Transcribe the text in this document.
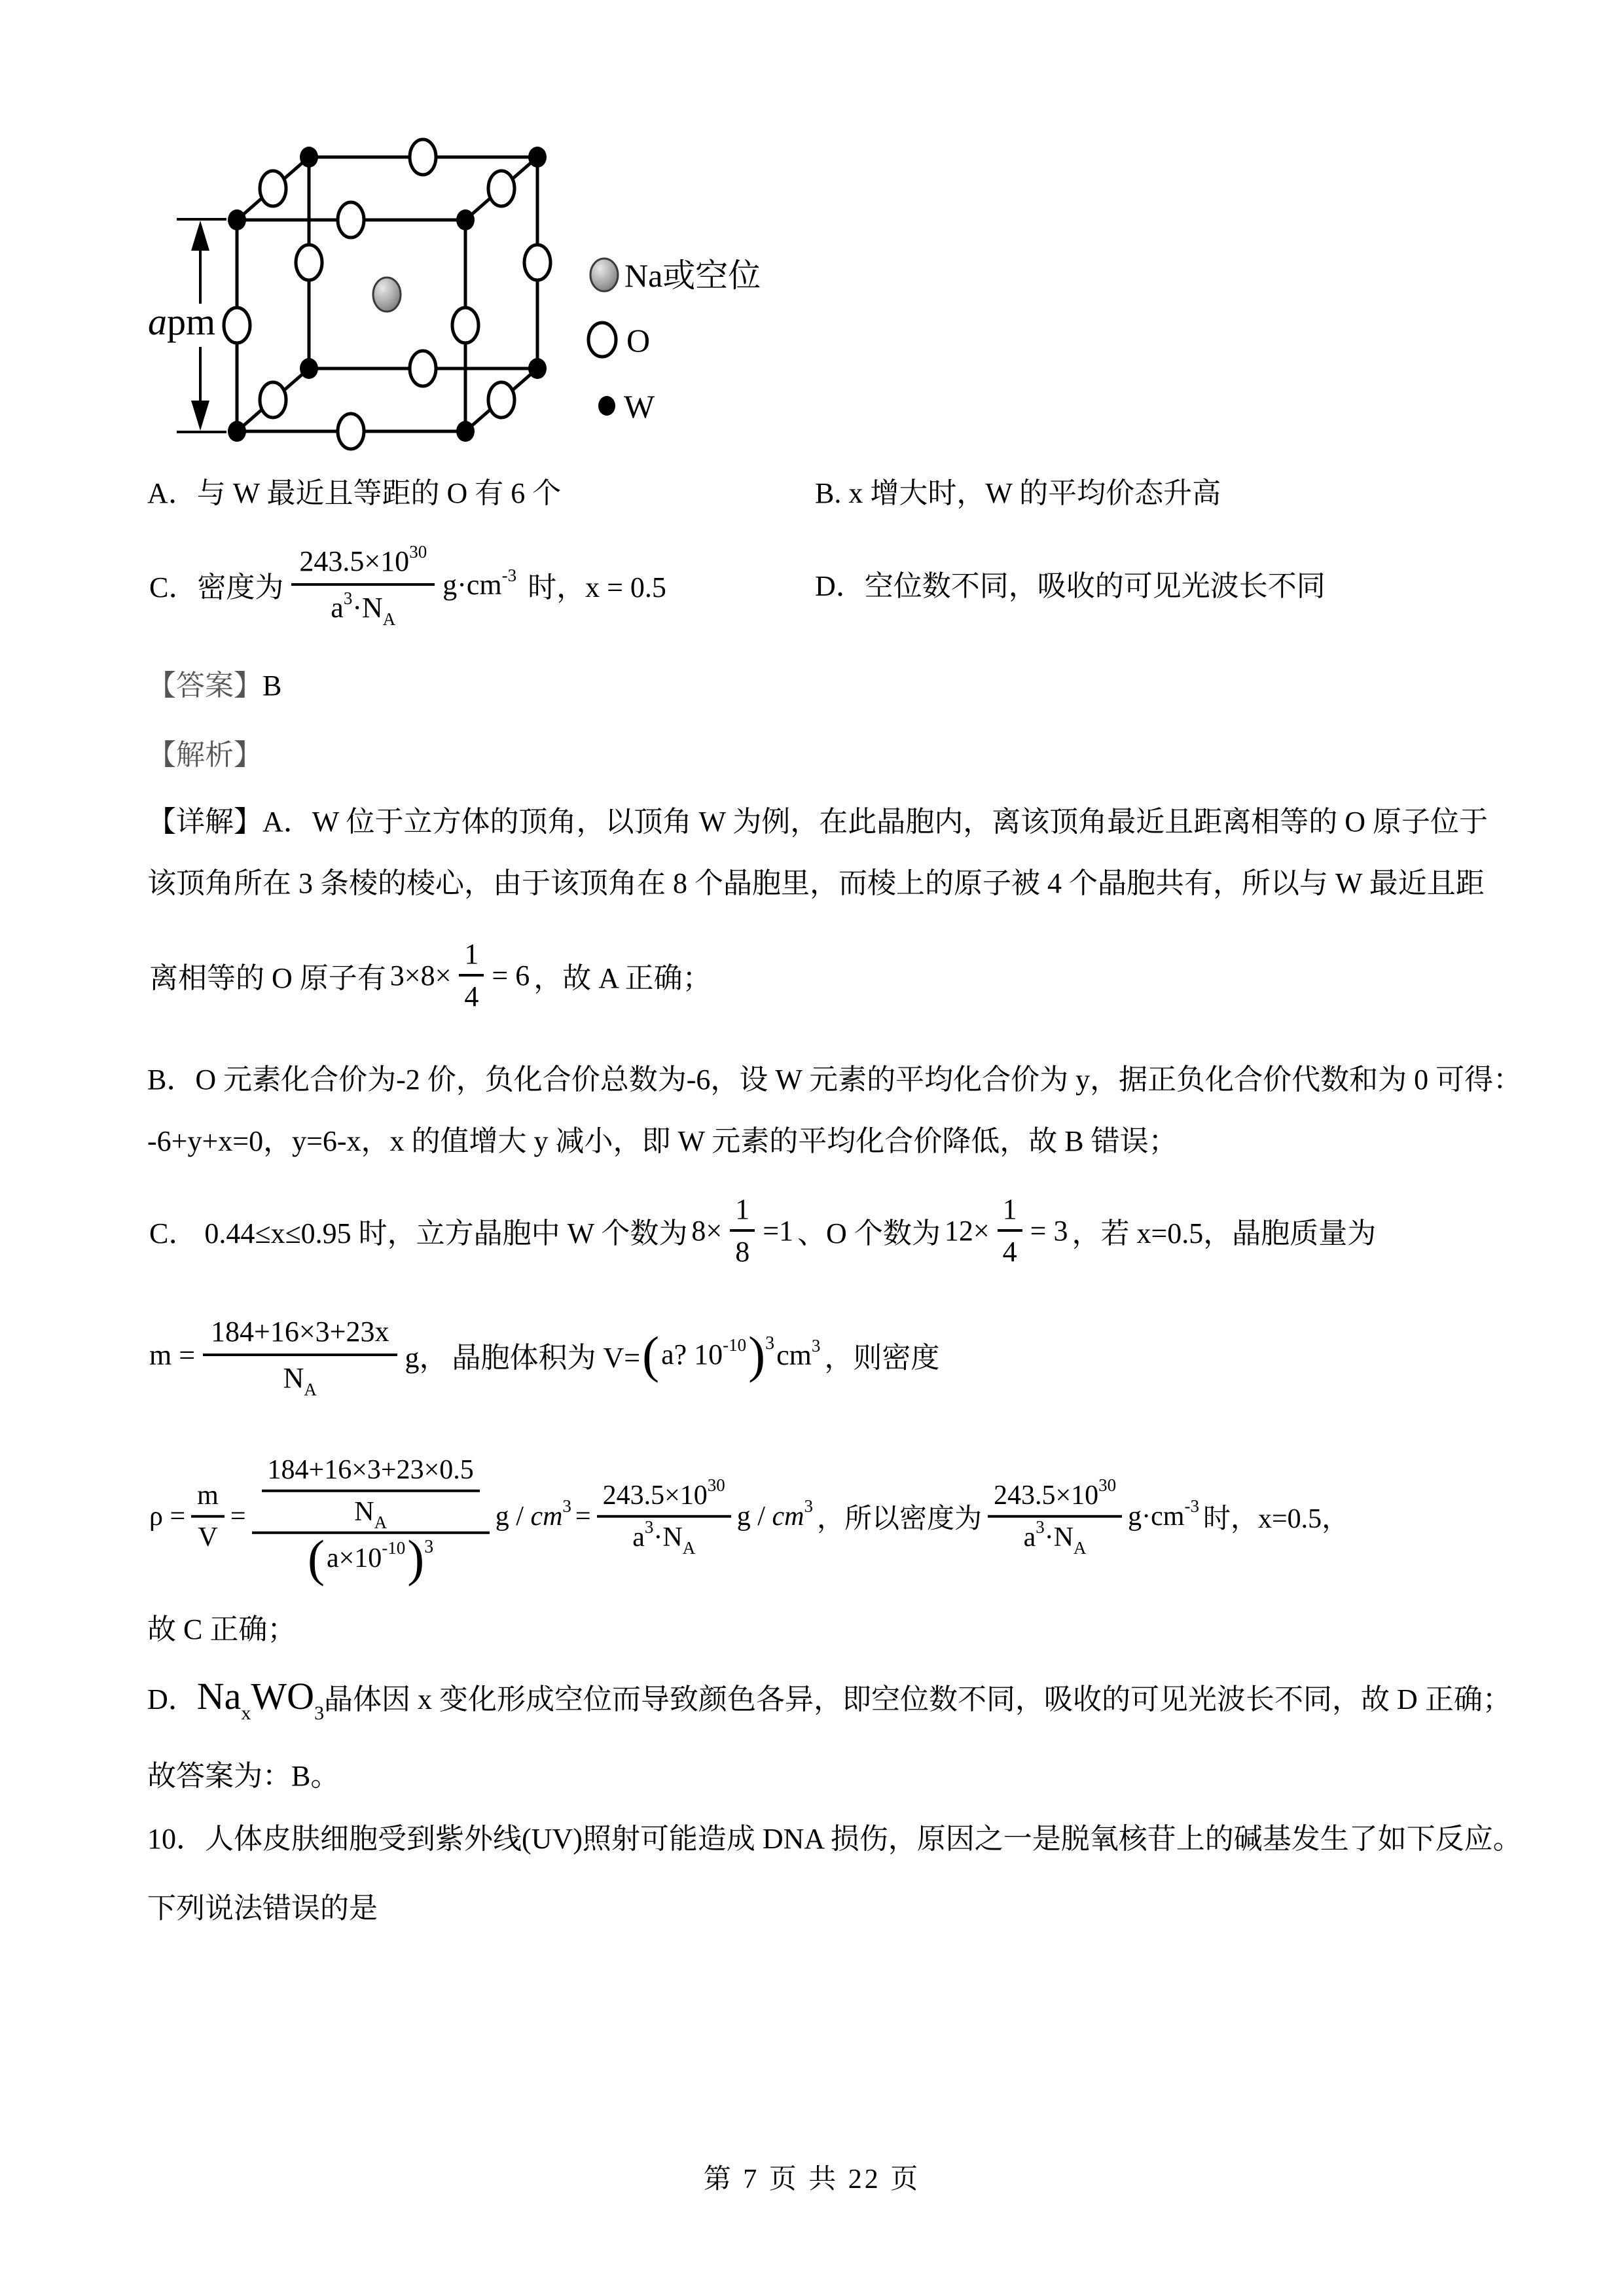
apm
Na或空位
O
W
A．与 W 最近且等距的 O 有 6 个	B. x 增大时，W 的平均价态升高
C．密度为 $\frac{243.5\times 10^{30}}{a^3\cdot N_A} g\cdot cm^{-3}$ 时，x = 0.5	D．空位数不同，吸收的可见光波长不同
【答案】B
【解析】
【详解】A．W 位于立方体的顶角，以顶角 W 为例，在此晶胞内，离该顶角最近且距离相等的 O 原子位于
该顶角所在 3 条棱的棱心，由于该顶角在 8 个晶胞里，而棱上的原子被 4 个晶胞共有，所以与 W 最近且距
离相等的 O 原子有 $3\times 8\times \frac{1}{4} = 6$ ，故 A 正确；
B．O 元素化合价为-2 价，负化合价总数为-6，设 W 元素的平均化合价为 y，据正负化合价代数和为 0 可得：
-6+y+x=0，y=6-x，x 的值增大 y 减小，即 W 元素的平均化合价降低，故 B 错误；
C． 0.44≤x≤0.95 时，立方晶胞中 W 个数为 $8\times \frac{1}{8} =1$ 、O 个数为 $12\times \frac{1}{4} = 3$ ，若 x=0.5，晶胞质量为
$m = \frac{184+16\times 3+23x}{N_A}$ g， 晶胞体积为 V= ( a? $10^{-10}$ ) 3 $cm^3$ ，则密度
$\rho = \frac{m}{V} = \frac{\frac{184+16\times 3+23\times 0.5}{N_A}}{( a\times 10^{-10} ) 3}$ $g / cm^3 = \frac{243.5\times 10^{30}}{a^3\cdot N_A}$ g / $cm^3$ ，所以密度为 $\frac{243.5\times 10^{30}}{a^3\cdot N_A} g\cdot cm^{-3}$ 时，x=0.5，
故 C 正确；
D．$Na_xWO_3$晶体因 x 变化形成空位而导致颜色各异，即空位数不同，吸收的可见光波长不同，故 D 正确；
故答案为：B。
10．人体皮肤细胞受到紫外线(UV)照射可能造成 DNA 损伤，原因之一是脱氧核苷上的碱基发生了如下反应。
下列说法错误的是
第 7 页 共 22 页
